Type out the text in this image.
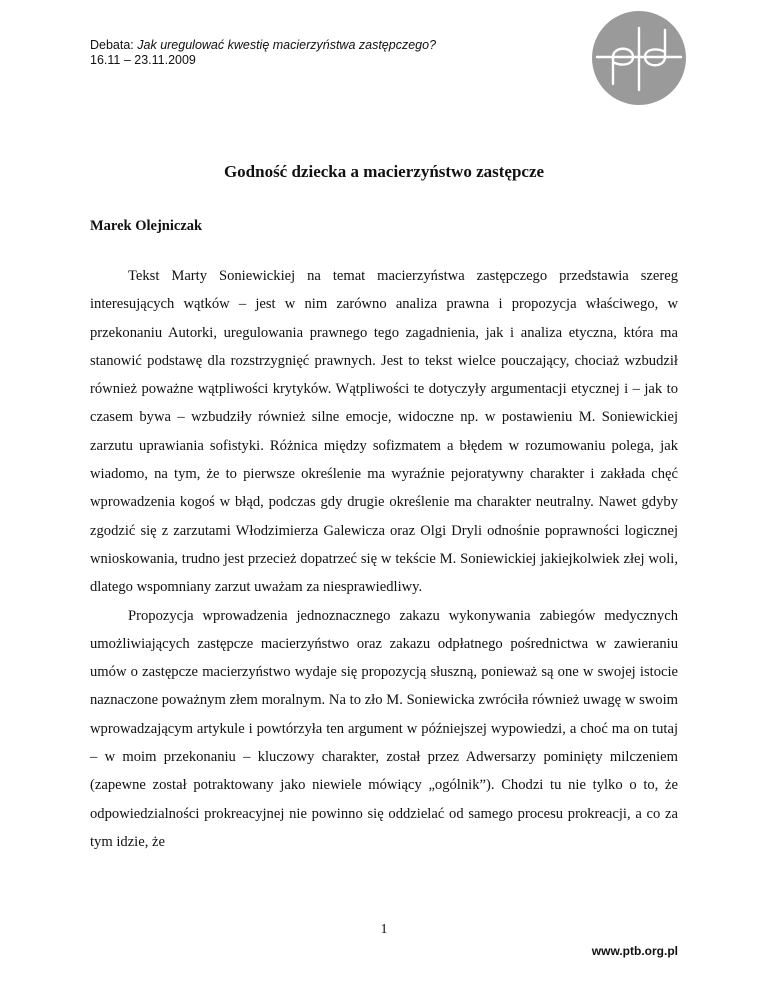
Debata: Jak uregulować kwestię macierzyństwa zastępczego?
16.11 – 23.11.2009
Godność dziecka a macierzyństwo zastępcze
Marek Olejniczak

Tekst Marty Soniewickiej na temat macierzyństwa zastępczego przedstawia szereg interesujących wątków – jest w nim zarówno analiza prawna i propozycja właściwego, w przekonaniu Autorki, uregulowania prawnego tego zagadnienia, jak i analiza etyczna, która ma stanowić podstawę dla rozstrzygnięć prawnych. Jest to tekst wielce pouczający, chociaż wzbudził również poważne wątpliwości krytyków. Wątpliwości te dotyczyły argumentacji etycznej i – jak to czasem bywa – wzbudziły również silne emocje, widoczne np. w postawieniu M. Soniewickiej zarzutu uprawiania sofistyki. Różnica między sofizmatem a błędem w rozumowaniu polega, jak wiadomo, na tym, że to pierwsze określenie ma wyraźnie pejoratywny charakter i zakłada chęć wprowadzenia kogoś w błąd, podczas gdy drugie określenie ma charakter neutralny. Nawet gdyby zgodzić się z zarzutami Włodzimierza Galewicza oraz Olgi Dryli odnośnie poprawności logicznej wnioskowania, trudno jest przecież dopatrzeć się w tekście M. Soniewickiej jakiejkolwiek złej woli, dlatego wspomniany zarzut uważam za niesprawiedliwy.

Propozycja wprowadzenia jednoznacznego zakazu wykonywania zabiegów medycznych umożliwiających zastępcze macierzyństwo oraz zakazu odpłatnego pośrednictwa w zawieraniu umów o zastępcze macierzyństwo wydaje się propozycją słuszną, ponieważ są one w swojej istocie naznaczone poważnym złem moralnym. Na to zło M. Soniewicka zwróciła również uwagę w swoim wprowadzającym artykule i powtórzyła ten argument w późniejszej wypowiedzi, a choć ma on tutaj – w moim przekonaniu – kluczowy charakter, został przez Adwersarzy pominięty milczeniem (zapewne został potraktowany jako niewiele mówiący „ogólnik”). Chodzi tu nie tylko o to, że odpowiedzialności prokreacyjnej nie powinno się oddzielać od samego procesu prokreacji, a co za tym idzie, że

1
www.ptb.org.pl
